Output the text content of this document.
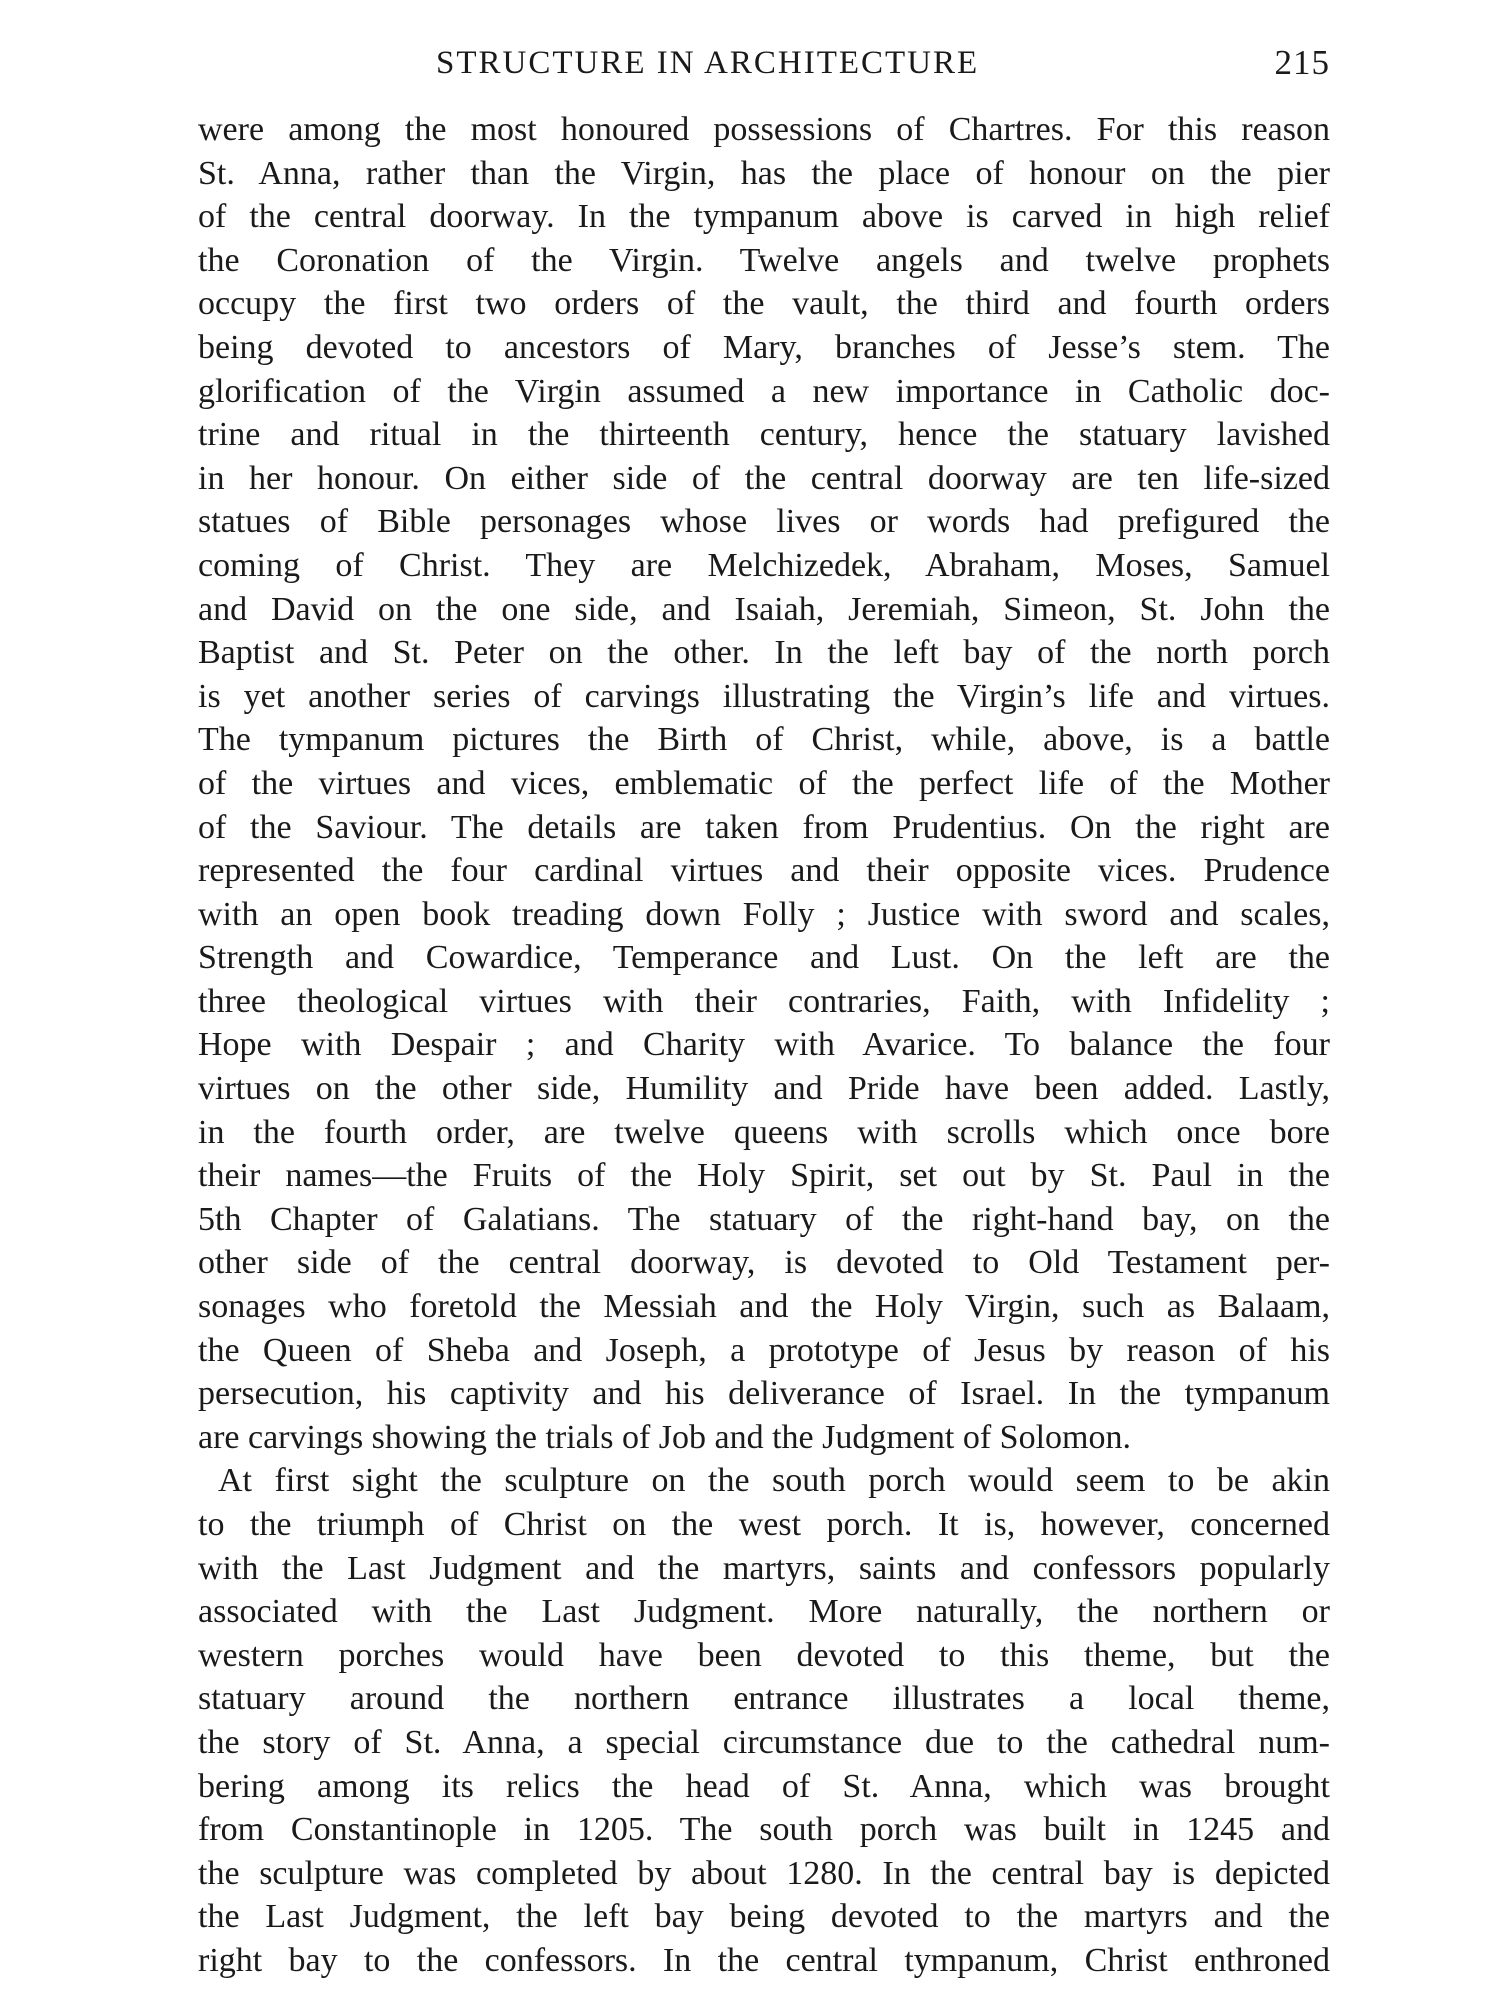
STRUCTURE IN ARCHITECTURE	215
were among the most honoured possessions of Chartres. For this reason
St. Anna, rather than the Virgin, has the place of honour on the pier
of the central doorway. In the tympanum above is carved in high relief
the Coronation of the Virgin. Twelve angels and twelve prophets
occupy the first two orders of the vault, the third and fourth orders
being devoted to ancestors of Mary, branches of Jesse’s stem. The
glorification of the Virgin assumed a new importance in Catholic doc-
trine and ritual in the thirteenth century, hence the statuary lavished
in her honour. On either side of the central doorway are ten life-sized
statues of Bible personages whose lives or words had prefigured the
coming of Christ. They are Melchizedek, Abraham, Moses, Samuel
and David on the one side, and Isaiah, Jeremiah, Simeon, St. John the
Baptist and St. Peter on the other. In the left bay of the north porch
is yet another series of carvings illustrating the Virgin’s life and virtues.
The tympanum pictures the Birth of Christ, while, above, is a battle
of the virtues and vices, emblematic of the perfect life of the Mother
of the Saviour. The details are taken from Prudentius. On the right are
represented the four cardinal virtues and their opposite vices. Prudence
with an open book treading down Folly ; Justice with sword and scales,
Strength and Cowardice, Temperance and Lust. On the left are the
three theological virtues with their contraries, Faith, with Infidelity ;
Hope with Despair ; and Charity with Avarice. To balance the four
virtues on the other side, Humility and Pride have been added. Lastly,
in the fourth order, are twelve queens with scrolls which once bore
their names—the Fruits of the Holy Spirit, set out by St. Paul in the
5th Chapter of Galatians. The statuary of the right-hand bay, on the
other side of the central doorway, is devoted to Old Testament per-
sonages who foretold the Messiah and the Holy Virgin, such as Balaam,
the Queen of Sheba and Joseph, a prototype of Jesus by reason of his
persecution, his captivity and his deliverance of Israel. In the tympanum
are carvings showing the trials of Job and the Judgment of Solomon.
At first sight the sculpture on the south porch would seem to be akin
to the triumph of Christ on the west porch. It is, however, concerned
with the Last Judgment and the martyrs, saints and confessors popularly
associated with the Last Judgment. More naturally, the northern or
western porches would have been devoted to this theme, but the
statuary around the northern entrance illustrates a local theme,
the story of St. Anna, a special circumstance due to the cathedral num-
bering among its relics the head of St. Anna, which was brought
from Constantinople in 1205. The south porch was built in 1245 and
the sculpture was completed by about 1280. In the central bay is depicted
the Last Judgment, the left bay being devoted to the martyrs and the
right bay to the confessors. In the central tympanum, Christ enthroned
